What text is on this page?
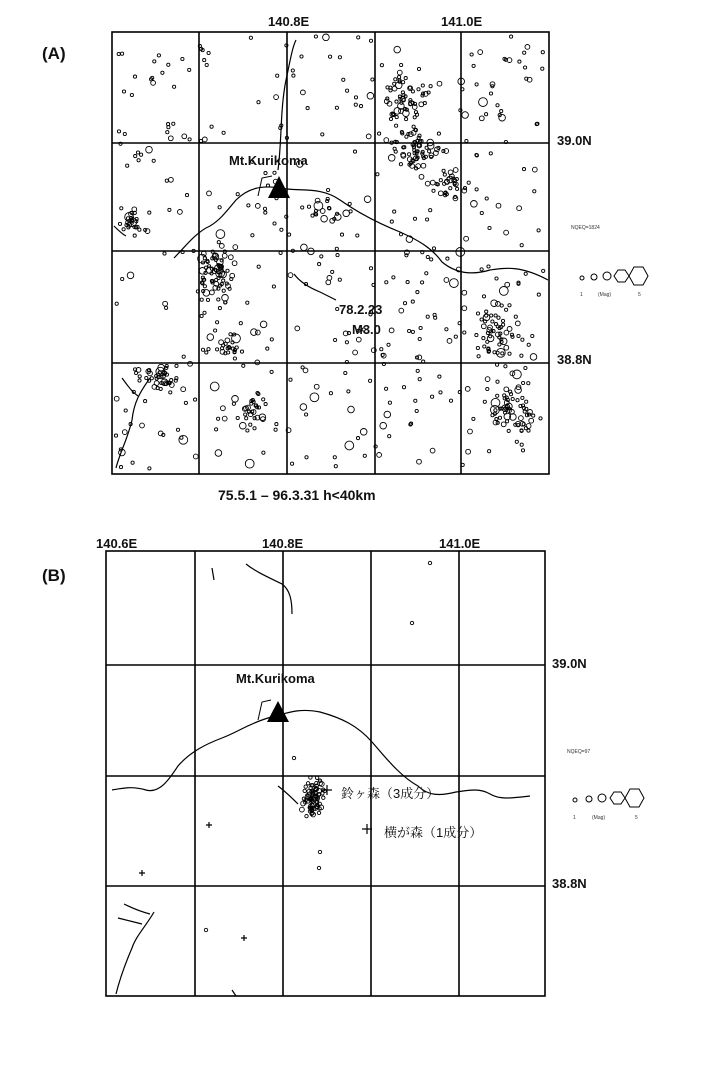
(A)
(B)
140.8E	141.0E
39.0N
38.8N
140.6E	140.8E	141.0E
39.0N
38.8N
Mt.Kurikoma
78.2.23
M3.0
NQEQ=1824
1	(Mag)	5
75.5.1 – 96.3.31 h<40km
Mt.Kurikoma
NQEQ=97
1	(Mag)	5
鈴ヶ森（3成分）
横が森（1成分）
